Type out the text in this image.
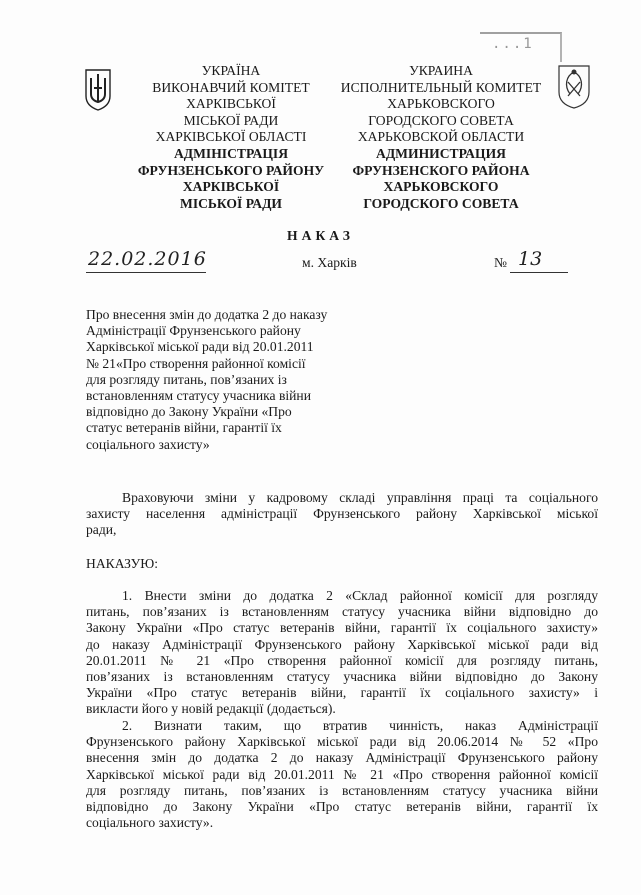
...1
УКРАЇНА
ВИКОНАВЧИЙ КОМІТЕТ
ХАРКІВСЬКОЇ
МІСЬКОЇ РАДИ
ХАРКІВСЬКОЇ ОБЛАСТІ
АДМІНІСТРАЦІЯ
ФРУНЗЕНСЬКОГО РАЙОНУ
ХАРКІВСЬКОЇ
МІСЬКОЇ РАДИ
УКРАИНА
ИСПОЛНИТЕЛЬНЫЙ КОМИТЕТ
ХАРЬКОВСКОГО
ГОРОДСКОГО СОВЕТА
ХАРЬКОВСКОЙ ОБЛАСТИ
АДМИНИСТРАЦИЯ
ФРУНЗЕНСКОГО РАЙОНА
ХАРЬКОВСКОГО
ГОРОДСКОГО СОВЕТА
НАКАЗ
22.02.2016	м. Харків	№ 13
Про внесення змін до додатка 2 до наказу
Адміністрації Фрунзенського району
Харківської міської ради від 20.01.2011
№ 21«Про створення районної комісії
для розгляду питань, пов’язаних із
встановленням статусу учасника війни
відповідно до Закону України «Про
статус ветеранів війни, гарантії їх
соціального захисту»
Враховуючи зміни у кадровому складі управління праці та соціального
захисту населення адміністрації Фрунзенського району Харківської міської
ради,
НАКАЗУЮ:
1. Внести зміни до додатка 2 «Склад районної комісії для розгляду
питань, пов’язаних із встановленням статусу учасника війни відповідно до
Закону України «Про статус ветеранів війни, гарантії їх соціального захисту»
до наказу Адміністрації Фрунзенського району Харківської міської ради від
20.01.2011 № 21 «Про створення районної комісії для розгляду питань,
пов’язаних із встановленням статусу учасника війни відповідно до Закону
України «Про статус ветеранів війни, гарантії їх соціального захисту» і
викласти його у новій редакції (додається).
2. Визнати таким, що втратив чинність, наказ Адміністрації
Фрунзенського району Харківської міської ради від 20.06.2014 № 52 «Про
внесення змін до додатка 2 до наказу Адміністрації Фрунзенського району
Харківської міської ради від 20.01.2011 № 21 «Про створення районної комісії
для розгляду питань, пов’язаних із встановленням статусу учасника війни
відповідно до Закону України «Про статус ветеранів війни, гарантії їх
соціального захисту».
